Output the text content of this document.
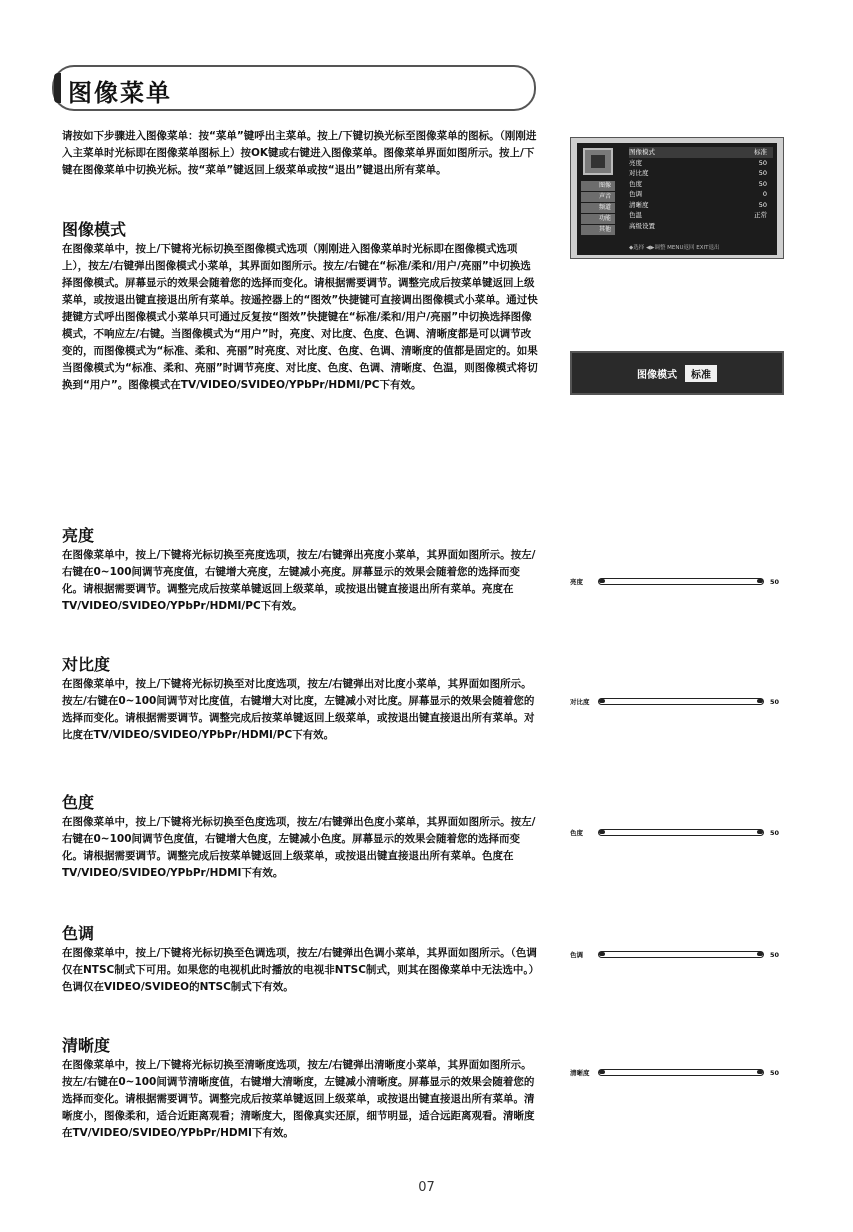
图像菜单

请按如下步骤进入图像菜单：按“菜单”键呼出主菜单。按上/下键切换光标至图像菜单的图标。（刚刚进入主菜单时光标即在图像菜单图标上）按OK键或右键进入图像菜单。图像菜单界面如图所示。按上/下键在图像菜单中切换光标。按“菜单”键返回上级菜单或按“退出”键退出所有菜单。

图像模式

在图像菜单中，按上/下键将光标切换至图像模式选项（刚刚进入图像菜单时光标即在图像模式选项上），按左/右键弹出图像模式小菜单，其界面如图所示。按左/右键在“标准/柔和/用户/亮丽”中切换选择图像模式。屏幕显示的效果会随着您的选择而变化。请根据需要调节。调整完成后按菜单键返回上级菜单，或按退出键直接退出所有菜单。按遥控器上的“图效”快捷键可直接调出图像模式小菜单。通过快捷键方式呼出图像模式小菜单只可通过反复按“图效”快捷键在“标准/柔和/用户/亮丽”中切换选择图像模式，不响应左/右键。当图像模式为“用户”时，亮度、对比度、色度、色调、清晰度都是可以调节改变的，而图像模式为“标准、柔和、亮丽”时亮度、对比度、色度、色调、清晰度的值都是固定的。如果当图像模式为“标准、柔和、亮丽”时调节亮度、对比度、色度、色调、清晰度、色温，则图像模式将切换到“用户”。图像模式在TV/VIDEO/SVIDEO/YPbPr/HDMI/PC下有效。

亮度

在图像菜单中，按上/下键将光标切换至亮度选项，按左/右键弹出亮度小菜单，其界面如图所示。按左/右键在0~100间调节亮度值，右键增大亮度，左键减小亮度。屏幕显示的效果会随着您的选择而变化。请根据需要调节。调整完成后按菜单键返回上级菜单，或按退出键直接退出所有菜单。亮度在TV/VIDEO/SVIDEO/YPbPr/HDMI/PC下有效。

对比度

在图像菜单中，按上/下键将光标切换至对比度选项，按左/右键弹出对比度小菜单，其界面如图所示。按左/右键在0~100间调节对比度值，右键增大对比度，左键减小对比度。屏幕显示的效果会随着您的选择而变化。请根据需要调节。调整完成后按菜单键返回上级菜单，或按退出键直接退出所有菜单。对比度在TV/VIDEO/SVIDEO/YPbPr/HDMI/PC下有效。

色度

在图像菜单中，按上/下键将光标切换至色度选项，按左/右键弹出色度小菜单，其界面如图所示。按左/右键在0~100间调节色度值，右键增大色度，左键减小色度。屏幕显示的效果会随着您的选择而变化。请根据需要调节。调整完成后按菜单键返回上级菜单，或按退出键直接退出所有菜单。色度在TV/VIDEO/SVIDEO/YPbPr/HDMI下有效。

色调

在图像菜单中，按上/下键将光标切换至色调选项，按左/右键弹出色调小菜单，其界面如图所示。（色调仅在NTSC制式下可用。如果您的电视机此时播放的电视非NTSC制式，则其在图像菜单中无法选中。）色调仅在VIDEO/SVIDEO的NTSC制式下有效。

清晰度

在图像菜单中，按上/下键将光标切换至清晰度选项，按左/右键弹出清晰度小菜单，其界面如图所示。按左/右键在0~100间调节清晰度值，右键增大清晰度，左键减小清晰度。屏幕显示的效果会随着您的选择而变化。请根据需要调节。调整完成后按菜单键返回上级菜单，或按退出键直接退出所有菜单。清晰度小，图像柔和，适合近距离观看；清晰度大，图像真实还原，细节明显，适合远距离观看。清晰度在TV/VIDEO/SVIDEO/YPbPr/HDMI下有效。

图像
声音
频道
功能
其他
图像模式	标准
亮度	50
对比度	50
色度	50
色调	0
清晰度	50
色温	正常
高级设置
◆选择 ◀▶调整 MENU返回 EXIT退出
图像模式	标准
亮度	50
对比度	50
色度	50
色调	50
清晰度	50
07
